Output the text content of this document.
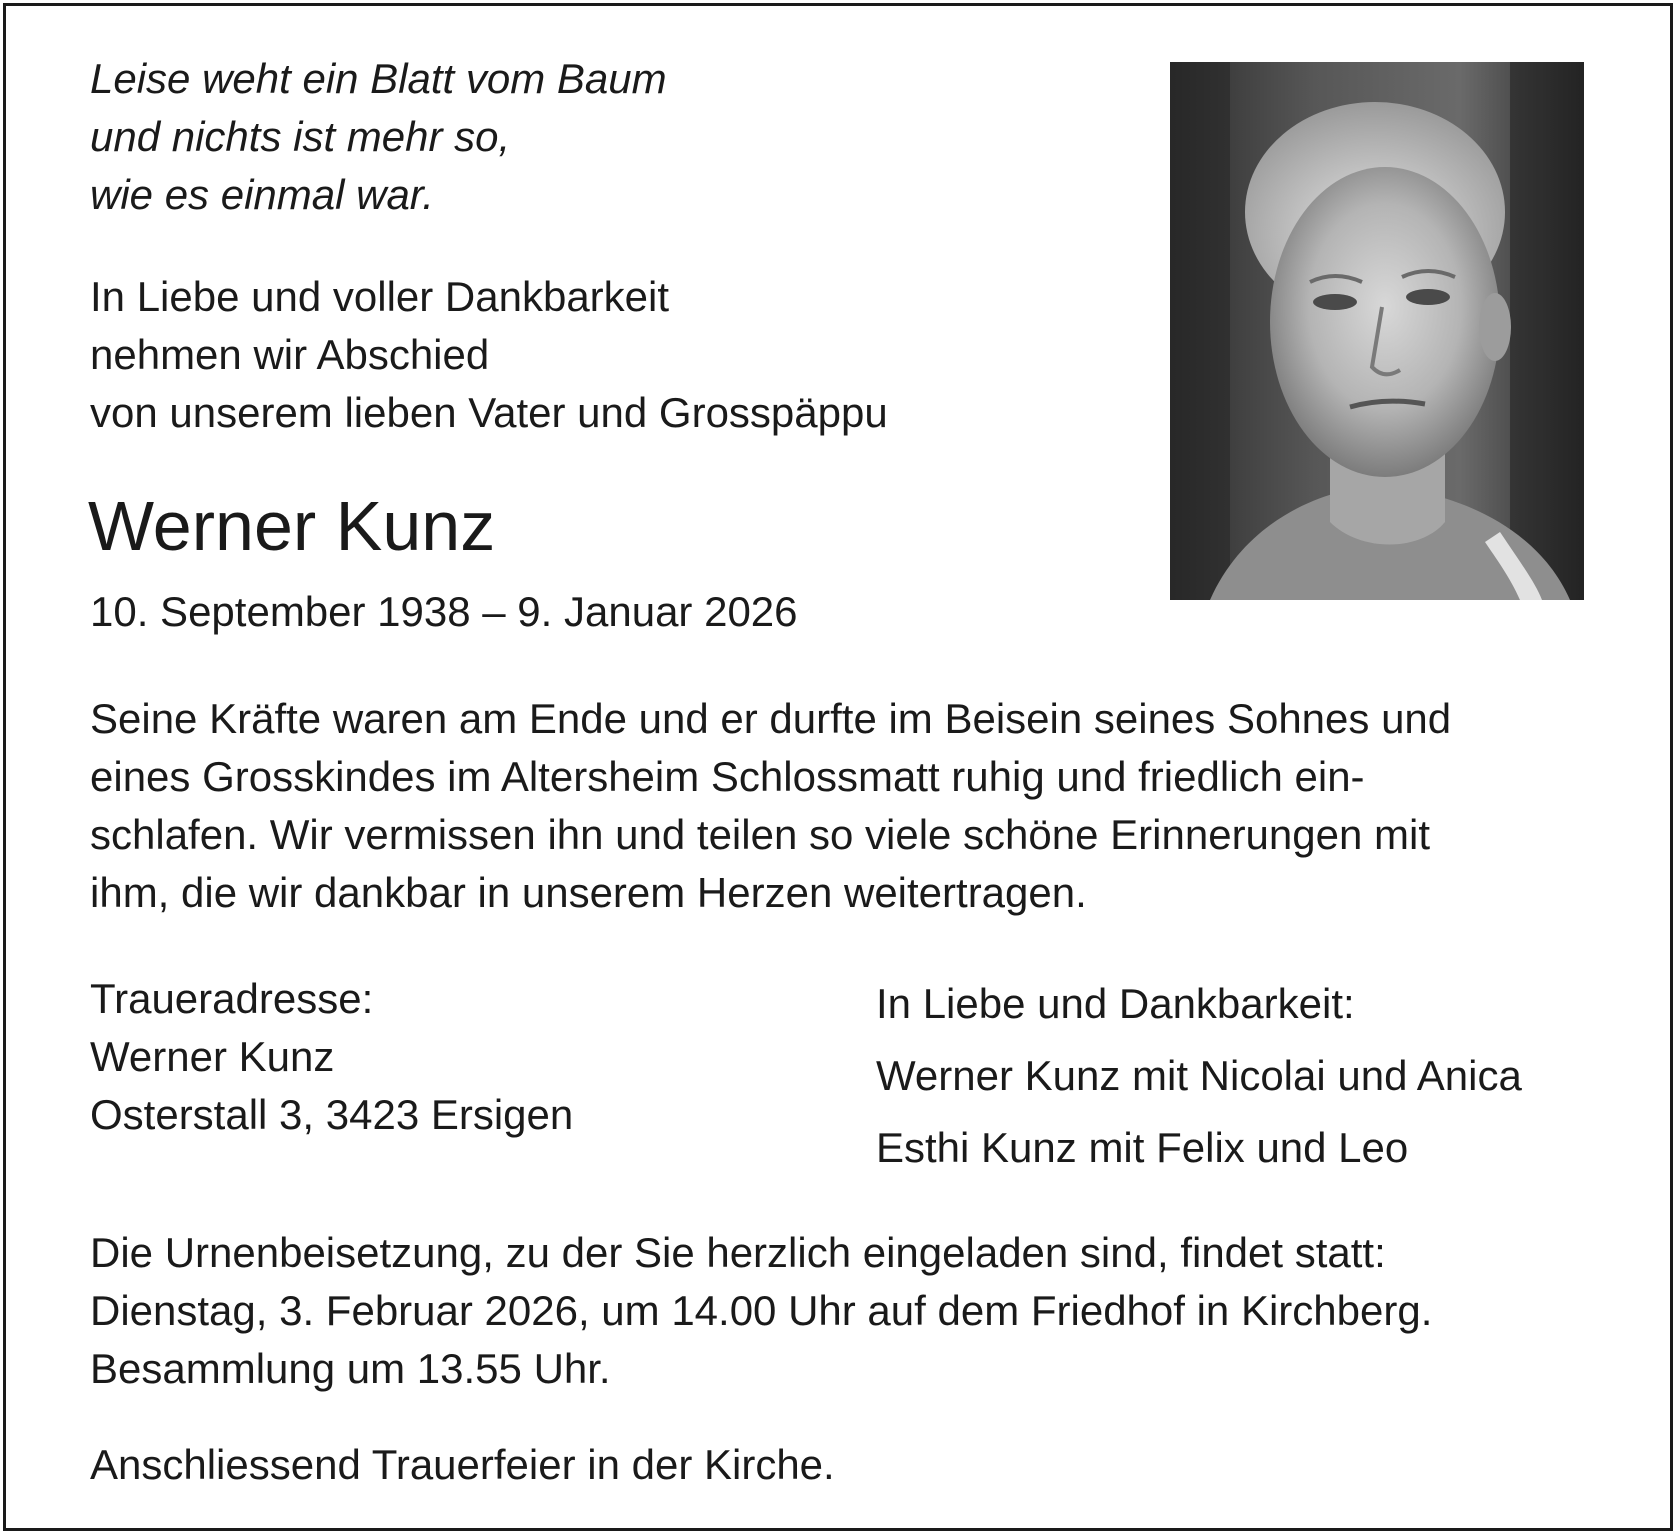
Leise weht ein Blatt vom Baum
und nichts ist mehr so,
wie es einmal war.
In Liebe und voller Dankbarkeit
nehmen wir Abschied
von unserem lieben Vater und Grosspäppu
Werner Kunz

10. September 1938 – 9. Januar 2026

Seine Kräfte waren am Ende und er durfte im Beisein seines Sohnes und
eines Grosskindes im Altersheim Schlossmatt ruhig und friedlich ein-
schlafen. Wir vermissen ihn und teilen so viele schöne Erinnerungen mit
ihm, die wir dankbar in unserem Herzen weitertragen.
Traueradresse:
Werner Kunz
Osterstall 3, 3423 Ersigen
In Liebe und Dankbarkeit:
Werner Kunz mit Nicolai und Anica
Esthi Kunz mit Felix und Leo
Die Urnenbeisetzung, zu der Sie herzlich eingeladen sind, findet statt:
Dienstag, 3. Februar 2026, um 14.00 Uhr auf dem Friedhof in Kirchberg.
Besammlung um 13.55 Uhr.
Anschliessend Trauerfeier in der Kirche.
